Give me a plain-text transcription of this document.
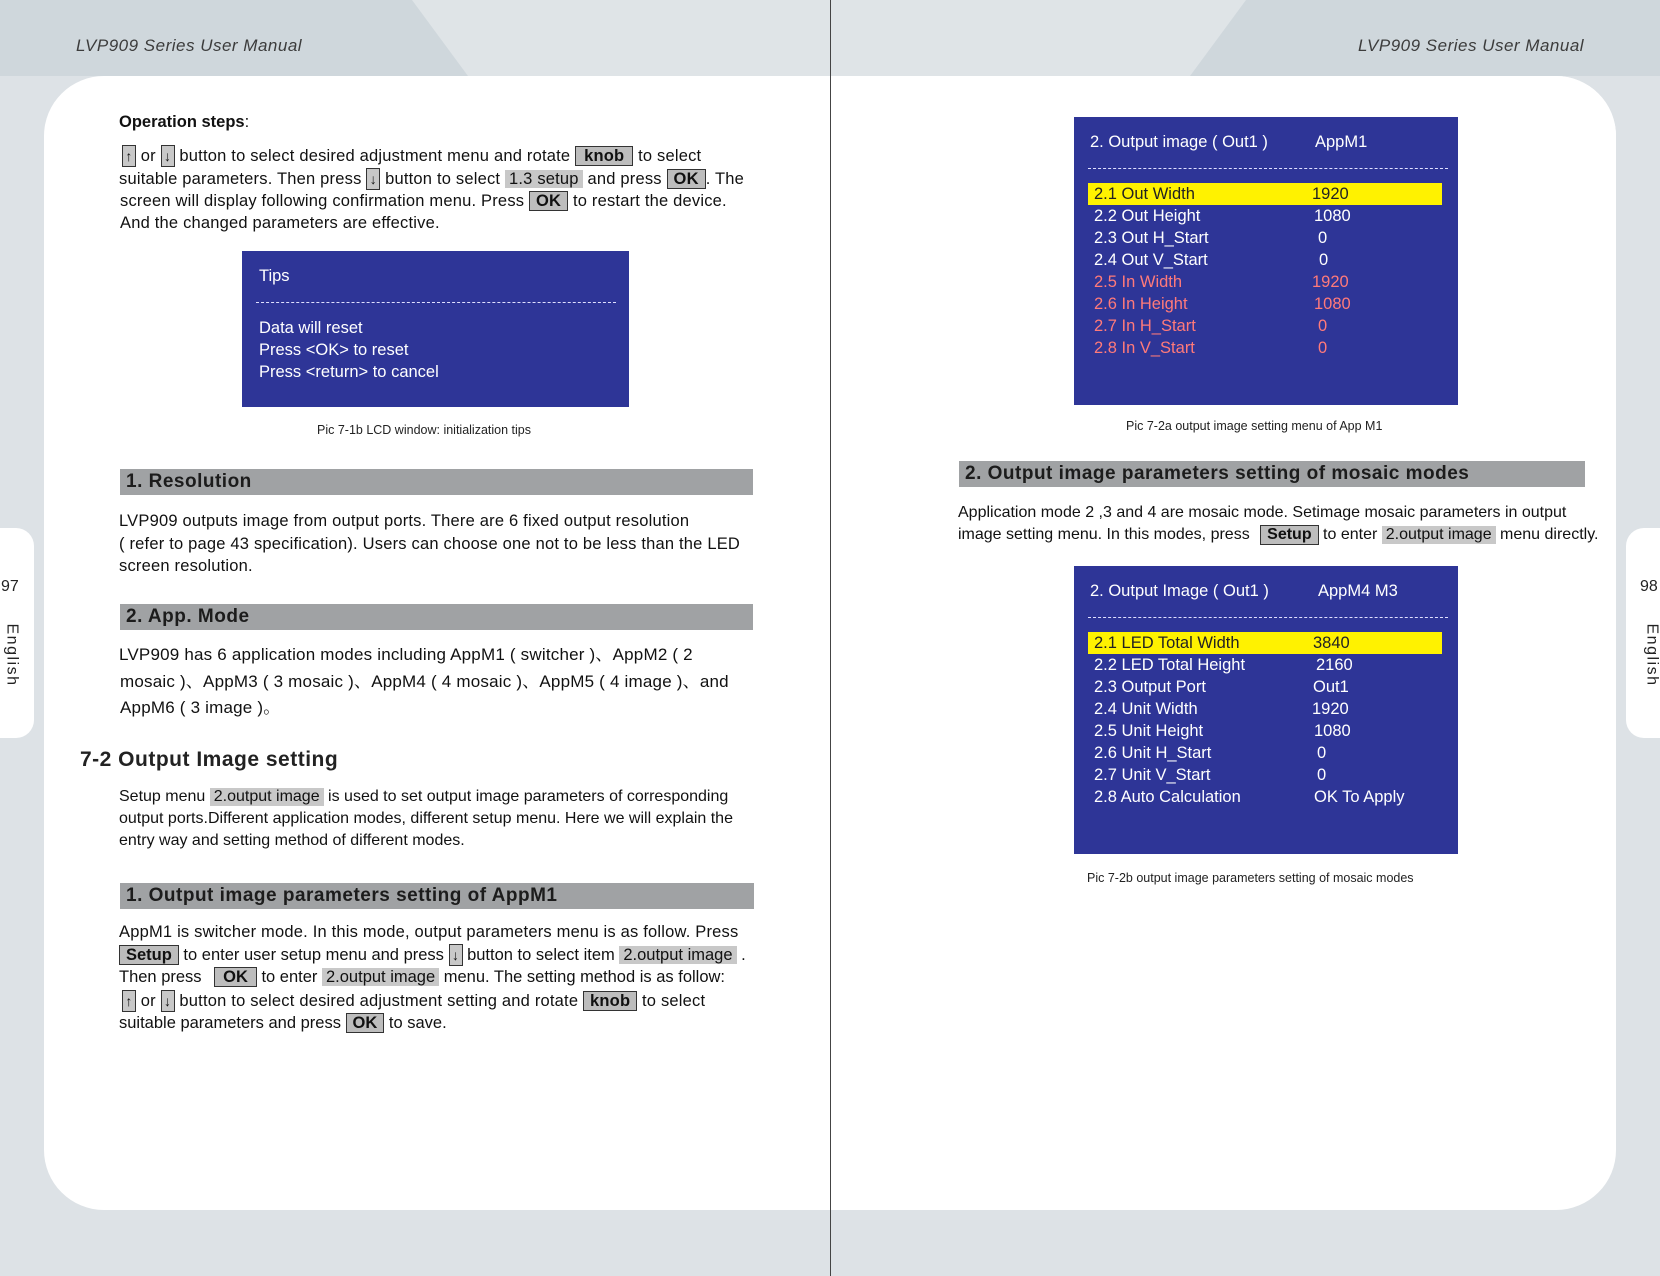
LVP909 Series User Manual	LVP909 Series User Manual
97
English
98
English
Operation steps:
↑ or ↓ button to select desired adjustment menu and rotate knob to select
suitable parameters. Then press ↓ button to select 1.3 setup and press OK . The
screen will display following confirmation menu. Press OK to restart the device.
And the changed parameters are effective.
Tips
Data will reset
Press <OK> to reset
Press <return> to cancel
Pic 7-1b LCD window: initialization tips
1. Resolution
LVP909 outputs image from output ports. There are 6 fixed output resolution
( refer to page 43 specification). Users can choose one not to be less than the LED
screen resolution.
2. App. Mode
LVP909 has 6 application modes including AppM1 ( switcher )、AppM2 ( 2
mosaic )、AppM3 ( 3 mosaic )、AppM4 ( 4 mosaic )、AppM5 ( 4 image )、and
AppM6 ( 3 image )。
7-2 Output Image setting
Setup menu 2.output image is used to set output image parameters of corresponding
output ports.Different application modes, different setup menu. Here we will explain the
entry way and setting method of different modes.
1. Output image parameters setting of AppM1
AppM1 is switcher mode. In this mode, output parameters menu is as follow. Press
Setup to enter user setup menu and press ↓ button to select item 2.output image .
Then press OK to enter 2.output image menu. The setting method is as follow:
↑ or ↓ button to select desired adjustment setting and rotate knob to select
suitable parameters and press OK to save.
2. Output image ( Out1 )	AppM1
2.1 Out Width	1920
2.2 Out Height	1080
2.3 Out H_Start	0
2.4 Out V_Start	0
2.5 In Width	1920
2.6 In Height	1080
2.7 In H_Start	0
2.8 In V_Start	0
Pic 7-2a output image setting menu of App M1
2. Output image parameters setting of mosaic modes
Application mode 2 ,3 and 4 are mosaic mode. Setimage mosaic parameters in output
image setting menu. In this modes, press Setup to enter 2.output image menu directly.
2. Output Image ( Out1 )	AppM4 M3
2.1 LED Total Width	3840
2.2 LED Total Height	2160
2.3 Output Port	Out1
2.4 Unit Width	1920
2.5 Unit Height	1080
2.6 Unit H_Start	0
2.7 Unit V_Start	0
2.8 Auto Calculation	OK To Apply
Pic 7-2b output image parameters setting of mosaic modes
